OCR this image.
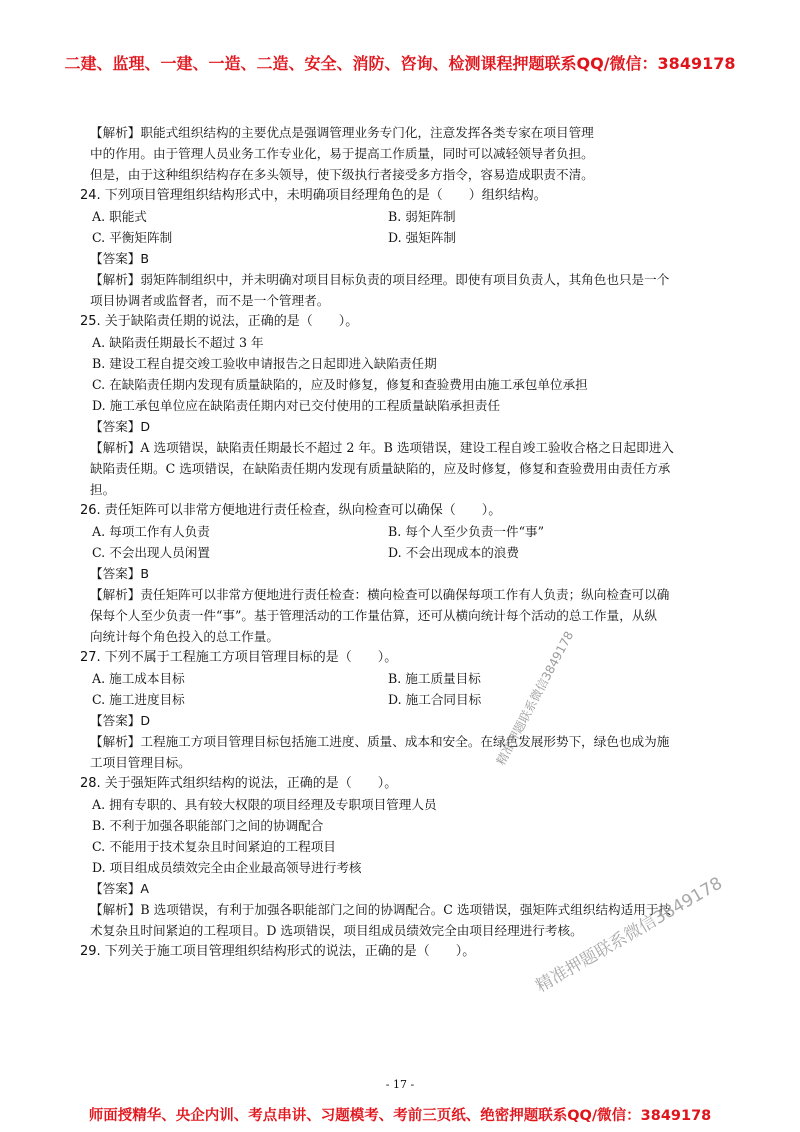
二建、监理、一建、一造、二造、安全、消防、咨询、检测课程押题联系QQ/微信：3849178
【解析】职能式组织结构的主要优点是强调管理业务专门化，注意发挥各类专家在项目管理
中的作用。由于管理人员业务工作专业化，易于提高工作质量，同时可以减轻领导者负担。
但是，由于这种组织结构存在多头领导，使下级执行者接受多方指令，容易造成职责不清。
24. 下列项目管理组织结构形式中，未明确项目经理角色的是（　　）组织结构。
A. 职能式	B. 弱矩阵制
C. 平衡矩阵制	D. 强矩阵制
【答案】B
【解析】弱矩阵制组织中，并未明确对项目目标负责的项目经理。即使有项目负责人，其角色也只是一个
项目协调者或监督者，而不是一个管理者。
25. 关于缺陷责任期的说法，正确的是（　　）。
A. 缺陷责任期最长不超过 3 年
B. 建设工程自提交竣工验收申请报告之日起即进入缺陷责任期
C. 在缺陷责任期内发现有质量缺陷的，应及时修复，修复和查验费用由施工承包单位承担
D. 施工承包单位应在缺陷责任期内对已交付使用的工程质量缺陷承担责任
【答案】D
【解析】A 选项错误，缺陷责任期最长不超过 2 年。B 选项错误，建设工程自竣工验收合格之日起即进入
缺陷责任期。C 选项错误，在缺陷责任期内发现有质量缺陷的，应及时修复，修复和查验费用由责任方承
担。
26. 责任矩阵可以非常方便地进行责任检查，纵向检查可以确保（　　）。
A. 每项工作有人负责	B. 每个人至少负责一件“事”
C. 不会出现人员闲置	D. 不会出现成本的浪费
【答案】B
【解析】责任矩阵可以非常方便地进行责任检查：横向检查可以确保每项工作有人负责；纵向检查可以确
保每个人至少负责一件“事”。基于管理活动的工作量估算，还可从横向统计每个活动的总工作量，从纵
向统计每个角色投入的总工作量。
27. 下列不属于工程施工方项目管理目标的是（　　）。
A. 施工成本目标	B. 施工质量目标
C. 施工进度目标	D. 施工合同目标
【答案】D
【解析】工程施工方项目管理目标包括施工进度、质量、成本和安全。在绿色发展形势下，绿色也成为施
工项目管理目标。
28. 关于强矩阵式组织结构的说法，正确的是（　　）。
A. 拥有专职的、具有较大权限的项目经理及专职项目管理人员
B. 不利于加强各职能部门之间的协调配合
C. 不能用于技术复杂且时间紧迫的工程项目
D. 项目组成员绩效完全由企业最高领导进行考核
【答案】A
【解析】B 选项错误，有利于加强各职能部门之间的协调配合。C 选项错误，强矩阵式组织结构适用于技
术复杂且时间紧迫的工程项目。D 选项错误，项目组成员绩效完全由项目经理进行考核。
29. 下列关于施工项目管理组织结构形式的说法，正确的是（　　）。
精准押题联系微信3849178
精准押题联系微信3849178
- 17 -
师面授精华、央企内训、考点串讲、习题模考、考前三页纸、绝密押题联系QQ/微信：3849178
